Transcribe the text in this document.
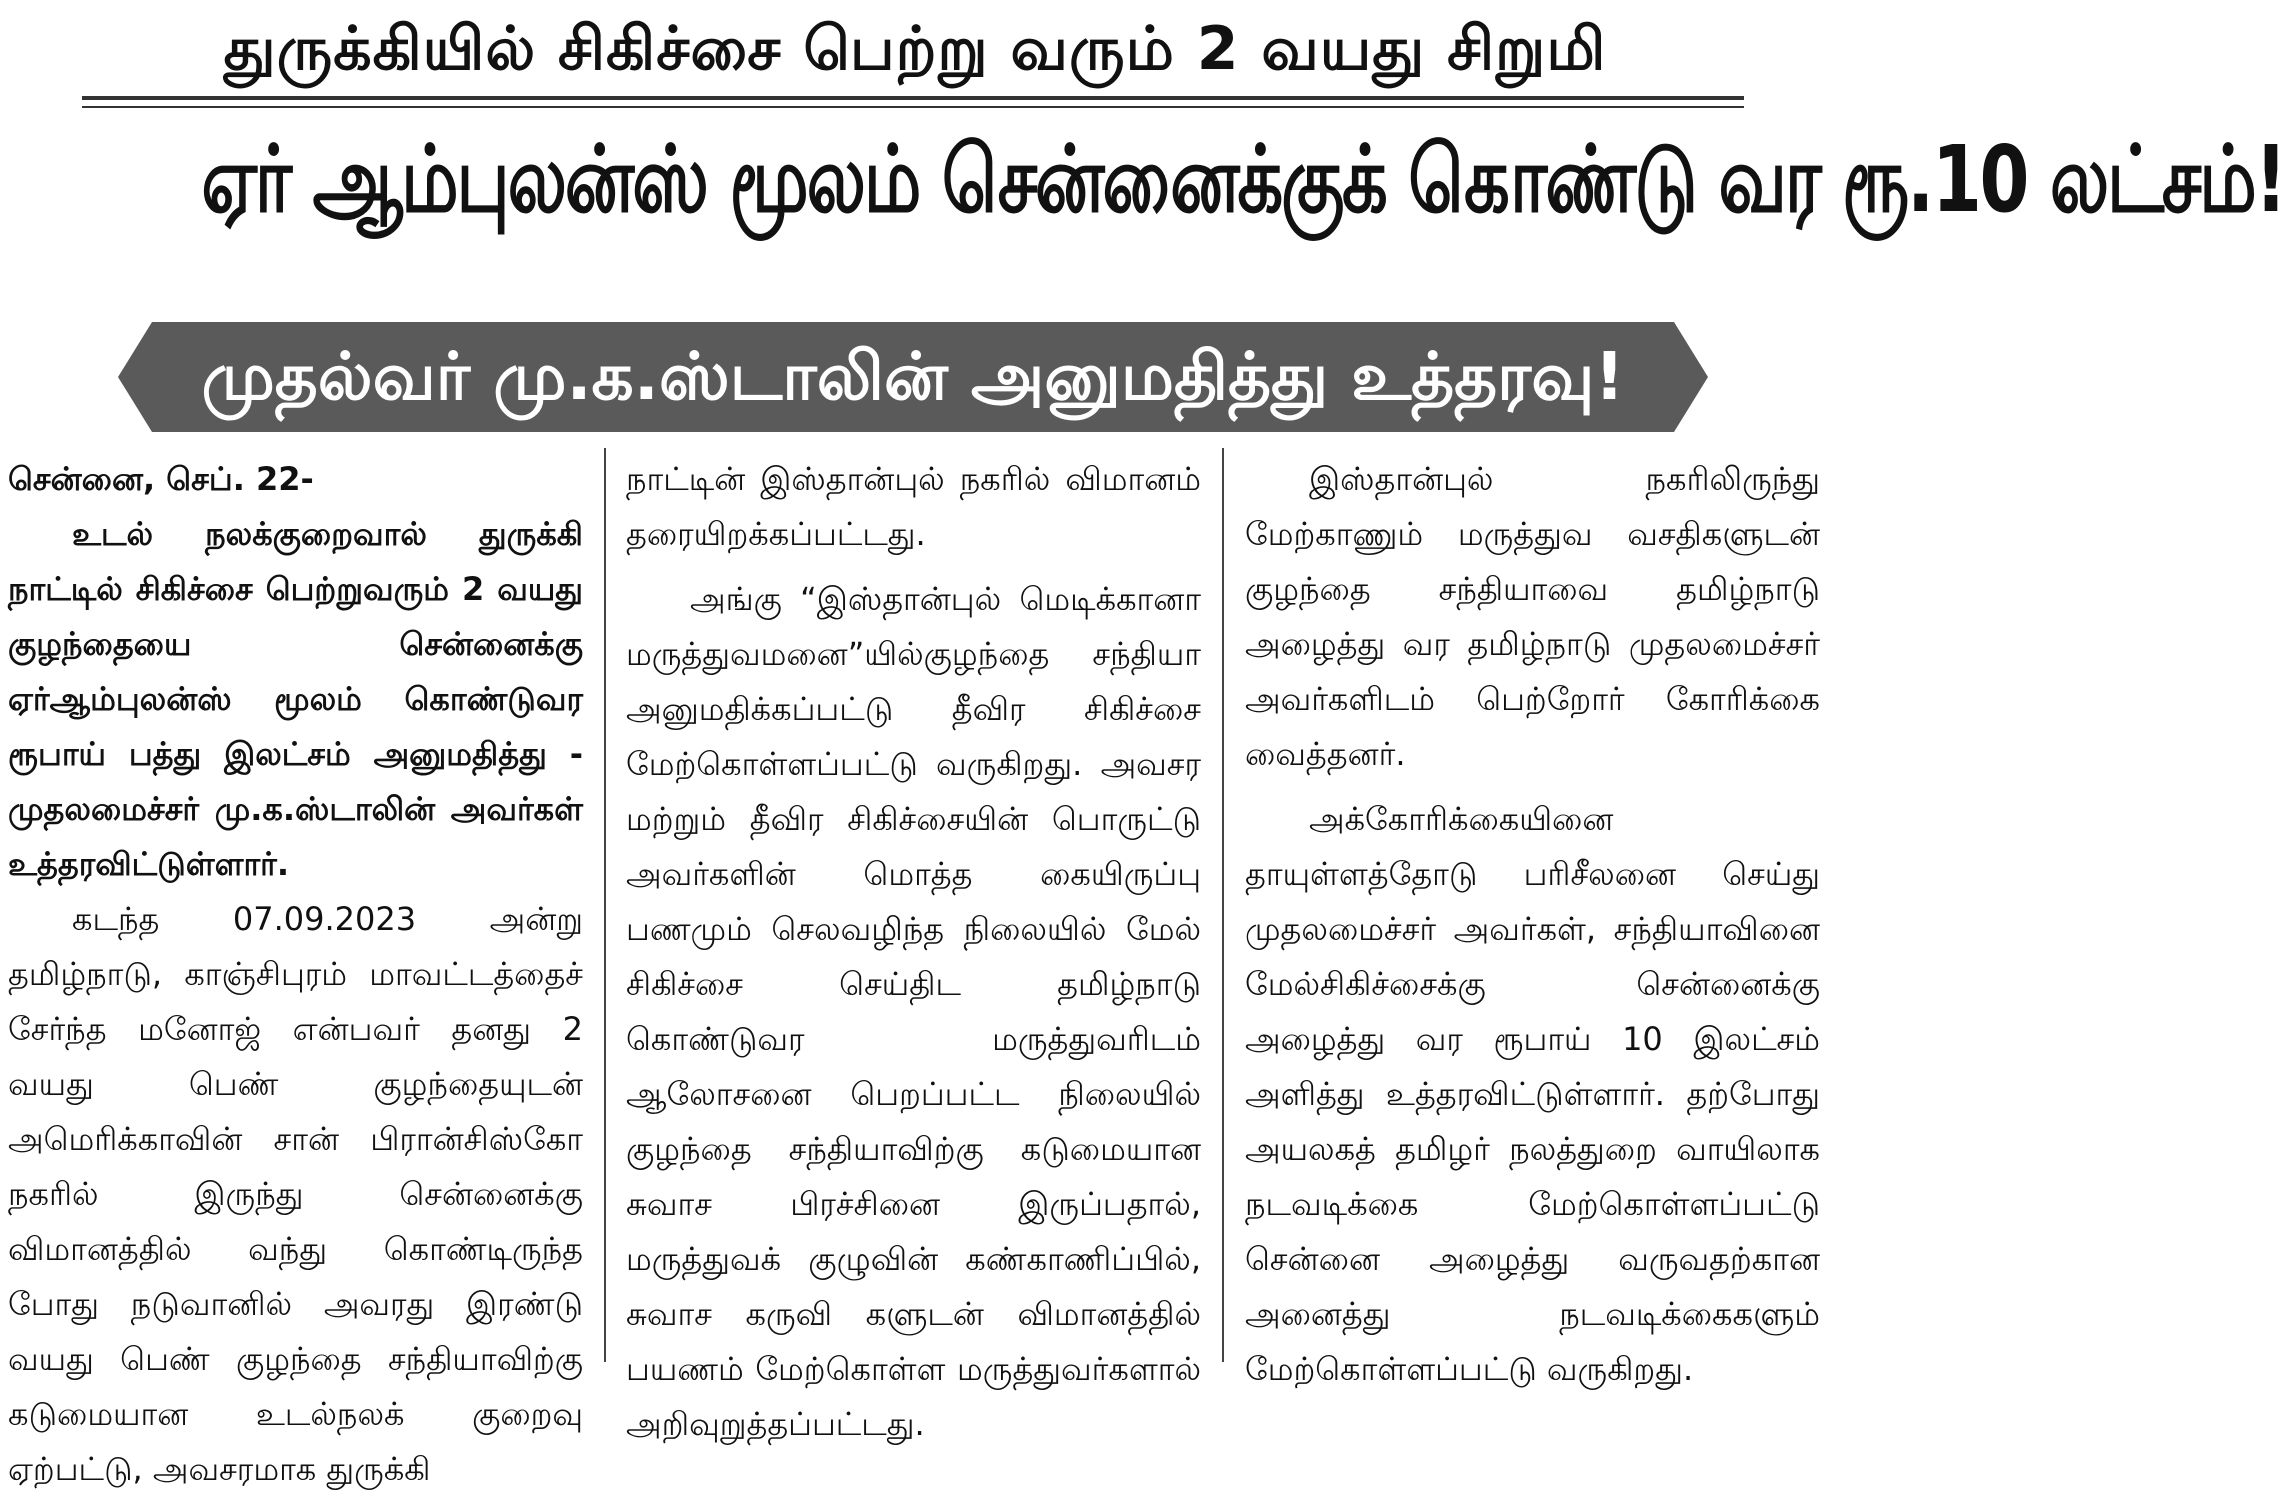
துருக்கியில் சிகிச்சை பெற்று வரும் 2 வயது சிறுமி
ஏர் ஆம்புலன்ஸ் மூலம் சென்னைக்குக் கொண்டு வர ரூ.10 லட்சம்!
முதல்வர் மு.க.ஸ்டாலின் அனுமதித்து உத்தரவு!

சென்னை, செப். 22-

உடல் நலக்குறைவால் துருக்கி நாட்டில் சிகிச்சை பெற்றுவரும் 2 வயது குழந்தையை சென்னைக்கு ஏர்ஆம்புலன்ஸ் மூலம் கொண்டுவர ரூபாய் பத்து இலட்சம் அனுமதித்து - முதலமைச்சர் மு.க.ஸ்டாலின் அவர்கள் உத்தரவிட்டுள்ளார்.

கடந்த 07.09.2023 அன்று தமிழ்நாடு, காஞ்சிபுரம் மாவட்டத்தைச் சேர்ந்த மனோஜ் என்பவர் தனது 2 வயது பெண் குழந்தையுடன் அமெரிக்காவின் சான் பிரான்சிஸ்கோ நகரில் இருந்து சென்னைக்கு விமானத்தில் வந்து கொண்டிருந்த போது நடுவானில் அவரது இரண்டு வயது பெண் குழந்தை சந்தியாவிற்கு கடுமையான உடல்நலக் குறைவு ஏற்பட்டு, அவசரமாக துருக்கி

நாட்டின் இஸ்தான்புல் நகரில் விமானம் தரையிறக்கப்பட்டது.

அங்கு “இஸ்தான்புல் மெடிக்கானா மருத்துவமனை”யில்குழந்தை சந்தியா அனுமதிக்கப்பட்டு தீவிர சிகிச்சை மேற்கொள்ளப்பட்டு வருகிறது. அவசர மற்றும் தீவிர சிகிச்சையின் பொருட்டு அவர்களின் மொத்த கையிருப்பு பணமும் செலவழிந்த நிலையில் மேல் சிகிச்சை செய்திட தமிழ்நாடு கொண்டுவர மருத்துவரிடம் ஆலோசனை பெறப்பட்ட நிலையில் குழந்தை சந்தியாவிற்கு கடுமையான சுவாச பிரச்சினை இருப்பதால், மருத்துவக் குழுவின் கண்காணிப்பில், சுவாச கருவி களுடன் விமானத்தில் பயணம் மேற்கொள்ள மருத்துவர்களால் அறிவுறுத்தப்பட்டது.

இஸ்தான்புல் நகரிலிருந்து மேற்காணும் மருத்துவ வசதிகளுடன் குழந்தை சந்தியாவை தமிழ்நாடு அழைத்து வர தமிழ்நாடு முதலமைச்சர் அவர்களிடம் பெற்றோர் கோரிக்கை வைத்தனர்.

அக்கோரிக்கையினை தாயுள்ளத்தோடு பரிசீலனை செய்து முதலமைச்சர் அவர்கள், சந்தியாவினை மேல்சிகிச்சைக்கு சென்னைக்கு அழைத்து வர ரூபாய் 10 இலட்சம் அளித்து உத்தரவிட்டுள்ளார். தற்போது அயலகத் தமிழர் நலத்துறை வாயிலாக நடவடிக்கை மேற்கொள்ளப்பட்டு சென்னை அழைத்து வருவதற்கான அனைத்து நடவடிக்கைகளும் மேற்கொள்ளப்பட்டு வருகிறது.
